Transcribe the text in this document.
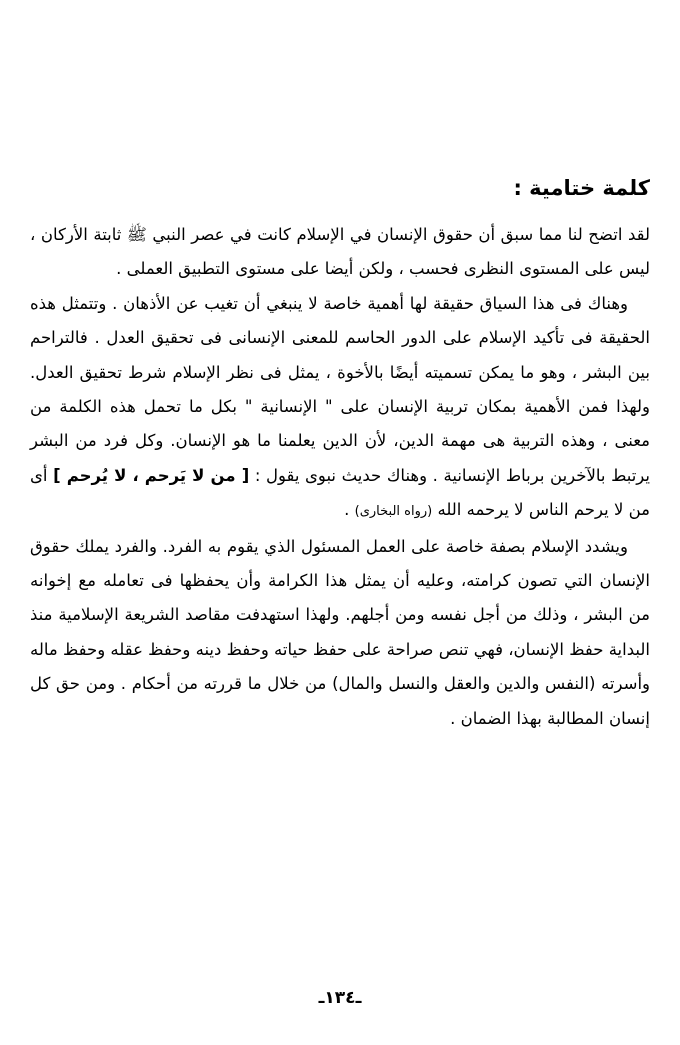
كلمة ختامية :

لقد اتضح لنا مما سبق أن حقوق الإنسان في الإسلام كانت في عصر النبي ﷺ ثابتة الأركان ، ليس على المستوى النظرى فحسب ، ولكن أيضا على مستوى التطبيق العملى .

وهناك فى هذا السياق حقيقة لها أهمية خاصة لا ينبغي أن تغيب عن الأذهان . وتتمثل هذه الحقيقة فى تأكيد الإسلام على الدور الحاسم للمعنى الإنسانى فى تحقيق العدل . فالتراحم بين البشر ، وهو ما يمكن تسميته أيضًا بالأخوة ، يمثل فى نظر الإسلام شرط تحقيق العدل. ولهذا فمن الأهمية بمكان تربية الإنسان على " الإنسانية " بكل ما تحمل هذه الكلمة من معنى ، وهذه التربية هى مهمة الدين، لأن الدين يعلمنا ما هو الإنسان. وكل فرد من البشر يرتبط بالآخرين برباط الإنسانية . وهناك حديث نبوى يقول : [ من لا يَرحم ، لا يُرحم ] أى من لا يرحم الناس لا يرحمه الله (رواه البخارى) .

ويشدد الإسلام بصفة خاصة على العمل المسئول الذي يقوم به الفرد. والفرد يملك حقوق الإنسان التي تصون كرامته، وعليه أن يمثل هذا الكرامة وأن يحفظها فى تعامله مع إخوانه من البشر ، وذلك من أجل نفسه ومن أجلهم. ولهذا استهدفت مقاصد الشريعة الإسلامية منذ البداية حفظ الإنسان، فهي تنص صراحة على حفظ حياته وحفظ دينه وحفظ عقله وحفظ ماله وأسرته (النفس والدين والعقل والنسل والمال) من خلال ما قررته من أحكام . ومن حق كل إنسان المطالبة بهذا الضمان .

ـ١٣٤ـ
